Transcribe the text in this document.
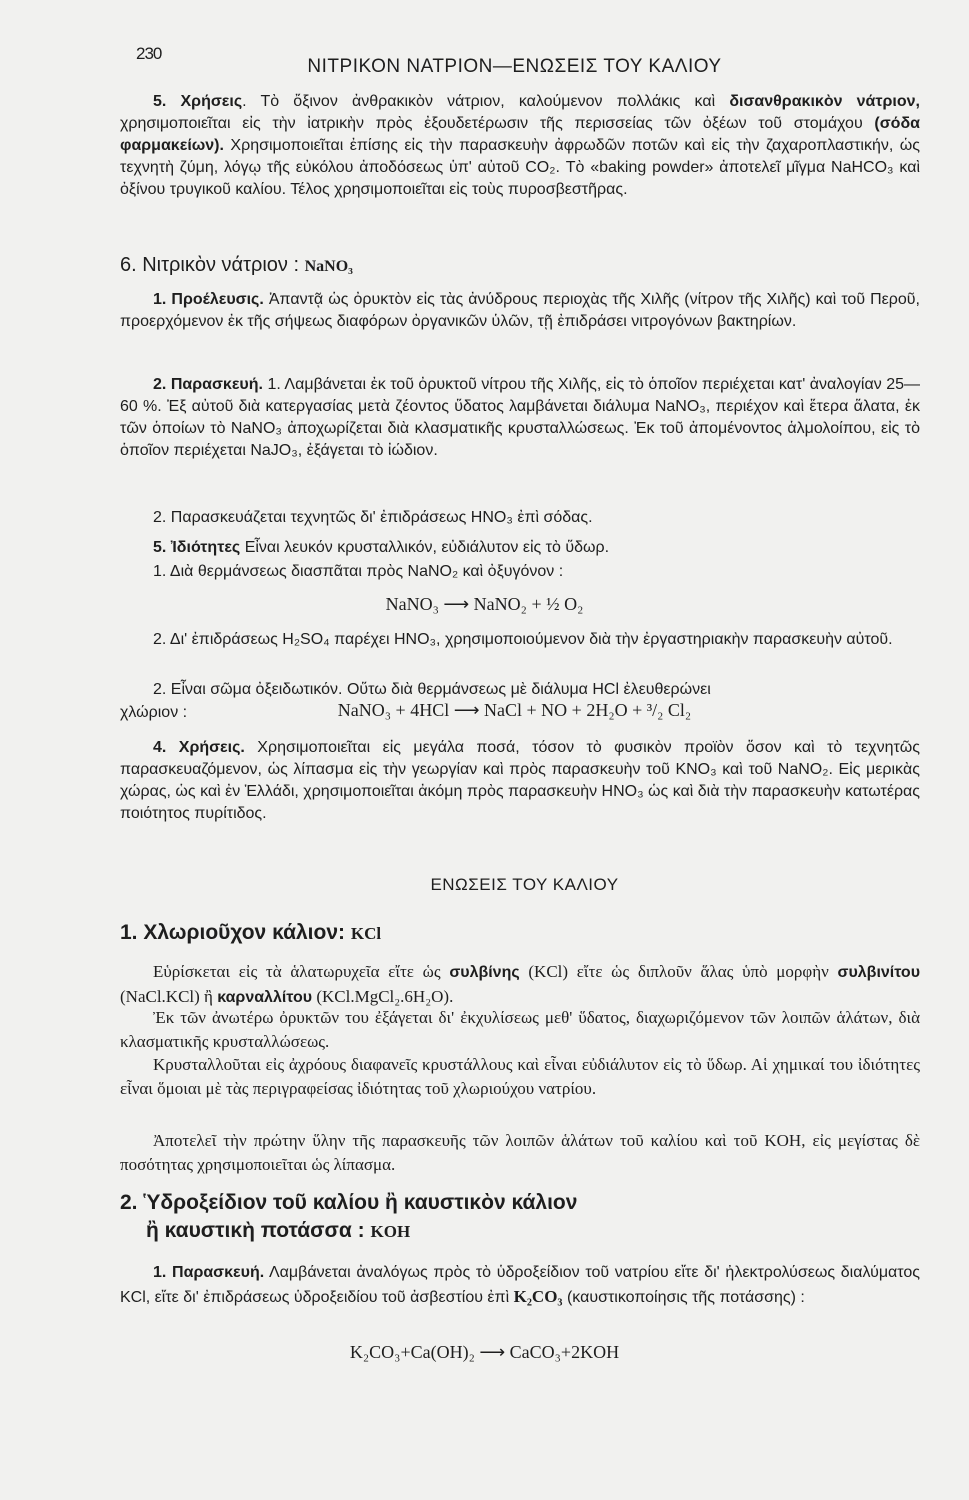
230
ΝΙΤΡΙΚΟΝ ΝΑΤΡΙΟΝ—ΕΝΩΣΕΙΣ ΤΟΥ ΚΑΛΙΟΥ

5. Χρήσεις. Τὸ ὄξινον ἀνθρακικὸν νάτριον, καλούμενον πολλάκις καὶ δισανθρακικὸν νάτριον, χρησιμοποιεῖται εἰς τὴν ἰατρικὴν πρὸς ἐξουδετέρωσιν τῆς περισσείας τῶν ὀξέων τοῦ στομάχου (σόδα φαρμακείων). Χρησιμοποιεῖται ἐπίσης εἰς τὴν παρασκευὴν ἀφρωδῶν ποτῶν καὶ εἰς τὴν ζαχαροπλαστικήν, ὡς τεχνητὴ ζύμη, λόγῳ τῆς εὐκόλου ἀποδόσεως ὑπ' αὐτοῦ CO₂. Τὸ «baking powder» ἀποτελεῖ μῖγμα NaHCO₃ καὶ ὀξίνου τρυγικοῦ καλίου. Τέλος χρησιμοποιεῖται εἰς τοὺς πυροσβεστῆρας.

6. Νιτρικὸν νάτριον : NaNO₃

1. Προέλευσις. Ἀπαντᾷ ὡς ὀρυκτὸν εἰς τὰς ἀνύδρους περιοχὰς τῆς Χιλῆς (νίτρον τῆς Χιλῆς) καὶ τοῦ Περοῦ, προερχόμενον ἐκ τῆς σήψεως διαφόρων ὀργανικῶν ὑλῶν, τῇ ἐπιδράσει νιτρογόνων βακτηρίων.

2. Παρασκευή. 1. Λαμβάνεται ἐκ τοῦ ὀρυκτοῦ νίτρου τῆς Χιλῆς, εἰς τὸ ὁποῖον περιέχεται κατ' ἀναλογίαν 25—60 %. Ἐξ αὐτοῦ διὰ κατεργασίας μετὰ ζέοντος ὕδατος λαμβάνεται διάλυμα NaNO₃, περιέχον καὶ ἕτερα ἅλατα, ἐκ τῶν ὁποίων τὸ NaNO₃ ἀποχωρίζεται διὰ κλασματικῆς κρυσταλλώσεως. Ἐκ τοῦ ἀπομένοντος ἁλμολοίπου, εἰς τὸ ὁποῖον περιέχεται NaJO₃, ἐξάγεται τὸ ἰώδιον.

2. Παρασκευάζεται τεχνητῶς δι' ἐπιδράσεως HNO₃ ἐπὶ σόδας.

5. Ἰδιότητες Εἶναι λευκόν κρυσταλλικόν, εὐδιάλυτον εἰς τὸ ὕδωρ.

1. Διὰ θερμάνσεως διασπᾶται πρὸς NaNO₂ καὶ ὀξυγόνον :

NaNO₃ ⟶ NaNO₂ + ½ O₂

2. Δι' ἐπιδράσεως H₂SO₄ παρέχει HNO₃, χρησιμοποιούμενον διὰ τὴν ἐργαστηριακὴν παρασκευὴν αὐτοῦ.

2. Εἶναι σῶμα ὀξειδωτικόν. Οὕτω διὰ θερμάνσεως μὲ διάλυμα HCl ἐλευθερώνει

χλώριον :	NaNO₃ + 4HCl ⟶ NaCl + NO + 2H₂O + ³/₂ Cl₂

4. Χρήσεις. Χρησιμοποιεῖται εἰς μεγάλα ποσά, τόσον τὸ φυσικὸν προϊὸν ὅσον καὶ τὸ τεχνητῶς παρασκευαζόμενον, ὡς λίπασμα εἰς τὴν γεωργίαν καὶ πρὸς παρασκευὴν τοῦ KNO₃ καὶ τοῦ NaNO₂. Εἰς μερικὰς χώρας, ὡς καὶ ἐν Ἑλλάδι, χρησιμοποιεῖται ἀκόμη πρὸς παρασκευὴν HNO₃ ὡς καὶ διὰ τὴν παρασκευὴν κατωτέρας ποιότητος πυρίτιδος.

ΕΝΩΣΕΙΣ ΤΟΥ ΚΑΛΙΟΥ
1. Χλωριοῦχον κάλιον: KCl

Εὑρίσκεται εἰς τὰ ἁλατωρυχεῖα εἴτε ὡς συλβίνης (KCl) εἴτε ὡς διπλοῦν ἅλας ὑπὸ μορφὴν συλβινίτου (NaCl.KCl) ἢ καρναλλίτου (KCl.MgCl₂.6H₂O).

Ἐκ τῶν ἀνωτέρω ὀρυκτῶν του ἐξάγεται δι' ἐκχυλίσεως μεθ' ὕδατος, διαχωριζόμενον τῶν λοιπῶν ἁλάτων, διὰ κλασματικῆς κρυσταλλώσεως.

Κρυσταλλοῦται εἰς ἀχρόους διαφανεῖς κρυστάλλους καὶ εἶναι εὐδιάλυτον εἰς τὸ ὕδωρ. Αἱ χημικαί του ἰδιότητες εἶναι ὅμοιαι μὲ τὰς περιγραφείσας ἰδιότητας τοῦ χλωριούχου νατρίου.

Ἀποτελεῖ τὴν πρώτην ὕλην τῆς παρασκευῆς τῶν λοιπῶν ἁλάτων τοῦ καλίου καὶ τοῦ KOH, εἰς μεγίστας δὲ ποσότητας χρησιμοποιεῖται ὡς λίπασμα.

2. Ὑδροξείδιον τοῦ καλίου ἢ καυστικὸν κάλιον
ἢ καυστικὴ ποτάσσα : KOH

1. Παρασκευή. Λαμβάνεται ἀναλόγως πρὸς τὸ ὑδροξείδιον τοῦ νατρίου εἴτε δι' ἠλεκτρολύσεως διαλύματος KCl, εἴτε δι' ἐπιδράσεως ὑδροξειδίου τοῦ ἀσβεστίου ἐπὶ K₂CO₃ (καυστικοποίησις τῆς ποτάσσης) :

K₂CO₃+Ca(OH)₂ ⟶ CaCO₃+2KOH
